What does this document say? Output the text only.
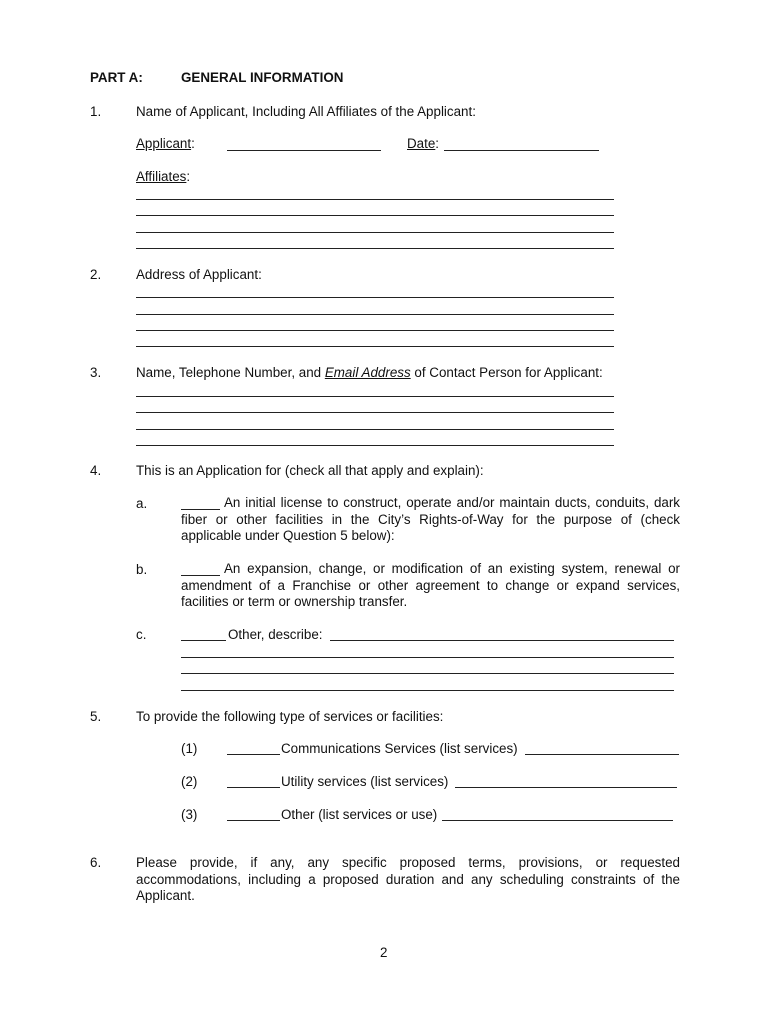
PART A:	GENERAL INFORMATION
1.	Name of Applicant, Including All Affiliates of the Applicant:
Applicant:	Date:
Affiliates:
2.	Address of Applicant:
3.	Name, Telephone Number, and Email Address of Contact Person for Applicant:
4.	This is an Application for (check all that apply and explain):
a.	An initial license to construct, operate and/or maintain ducts, conduits, dark fiber or other facilities in the City’s Rights-of-Way for the purpose of (check applicable under Question 5 below):
b.	An expansion, change, or modification of an existing system, renewal or amendment of a Franchise or other agreement to change or expand services, facilities or term or ownership transfer.
c.	Other, describe:
5.	To provide the following type of services or facilities:
(1)	Communications Services (list services)
(2)	Utility services (list services)
(3)	Other (list services or use)
6.	Please provide, if any, any specific proposed terms, provisions, or requested accommodations, including a proposed duration and any scheduling constraints of the Applicant.
2
